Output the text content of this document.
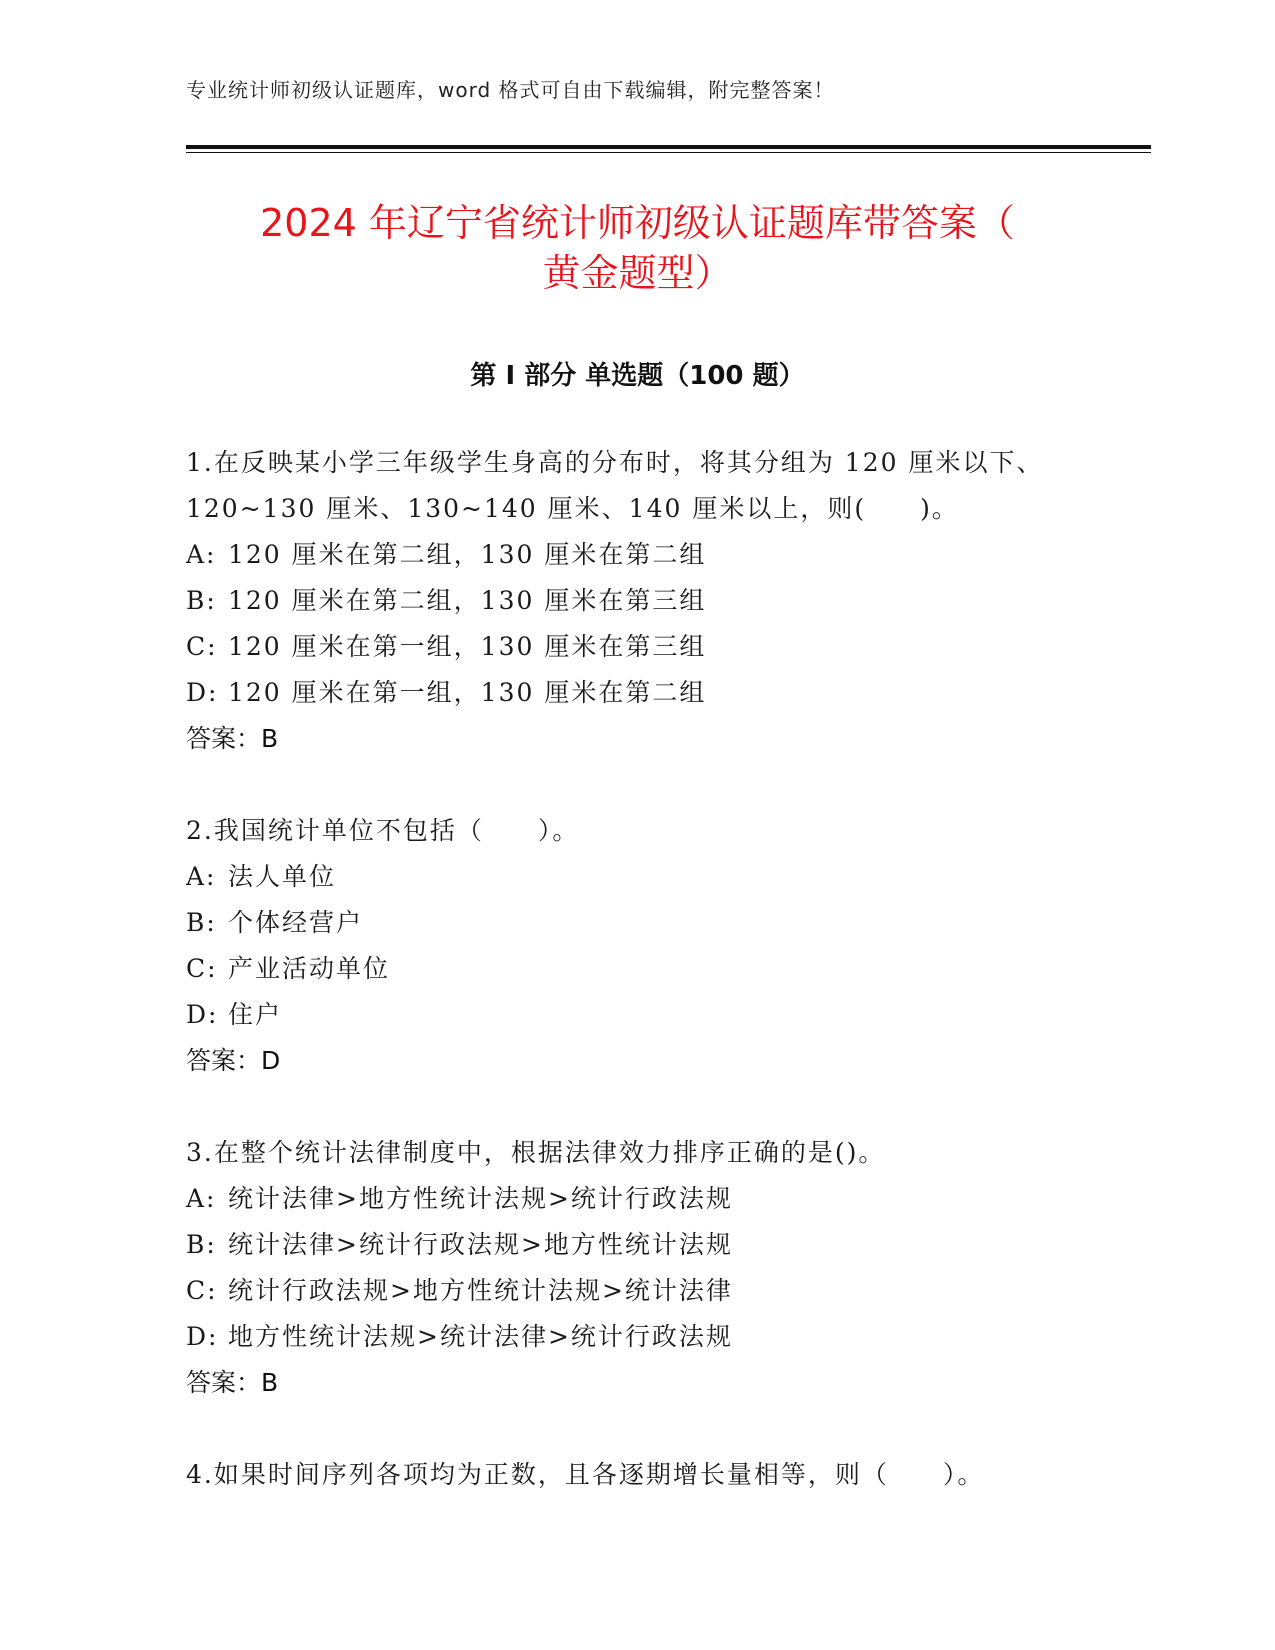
专业统计师初级认证题库，word 格式可自由下载编辑，附完整答案！
2024 年辽宁省统计师初级认证题库带答案（
黄金题型）
第 I 部分 单选题（100 题）
1.在反映某小学三年级学生身高的分布时，将其分组为 120 厘米以下、120~130 厘米、130~140 厘米、140 厘米以上，则(　　)。
A: 120 厘米在第二组，130 厘米在第二组
B: 120 厘米在第二组，130 厘米在第三组
C: 120 厘米在第一组，130 厘米在第三组
D: 120 厘米在第一组，130 厘米在第二组
答案：B
2.我国统计单位不包括（　　）。
A: 法人单位
B: 个体经营户
C: 产业活动单位
D: 住户
答案：D
3.在整个统计法律制度中，根据法律效力排序正确的是()。
A: 统计法律>地方性统计法规>统计行政法规
B: 统计法律>统计行政法规>地方性统计法规
C: 统计行政法规>地方性统计法规>统计法律
D: 地方性统计法规>统计法律>统计行政法规
答案：B
4.如果时间序列各项均为正数，且各逐期增长量相等，则（　　）。
